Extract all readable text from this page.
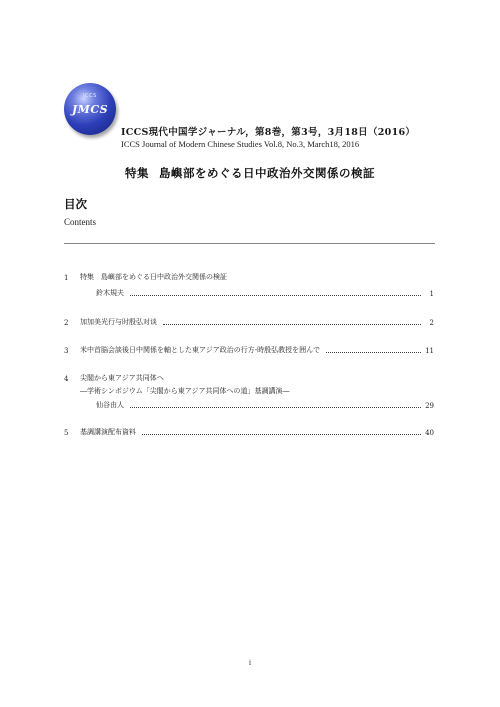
ICCS
JMCS
ICCS現代中国学ジャーナル，第8巻，第3号，3月18日（2016）
ICCS Journal of Modern Chinese Studies Vol.8, No.3, March18, 2016
特集 島嶼部をめぐる日中政治外交関係の検証
目次
Contents
1	特集　島嶼部をめぐる日中政治外交関係の検証
鈴木規夫	1
2	加加美光行与时殷弘对谈	2
3	米中首脳会談後日中関係を軸とした東アジア政治の行方-時殷弘教授を囲んで	11
4	尖閣から東アジア共同体へ
―学術シンポジウム「尖閣から東アジア共同体への道」基調講演―
仙谷由人	29
5	基調講演配布資料	40
i
